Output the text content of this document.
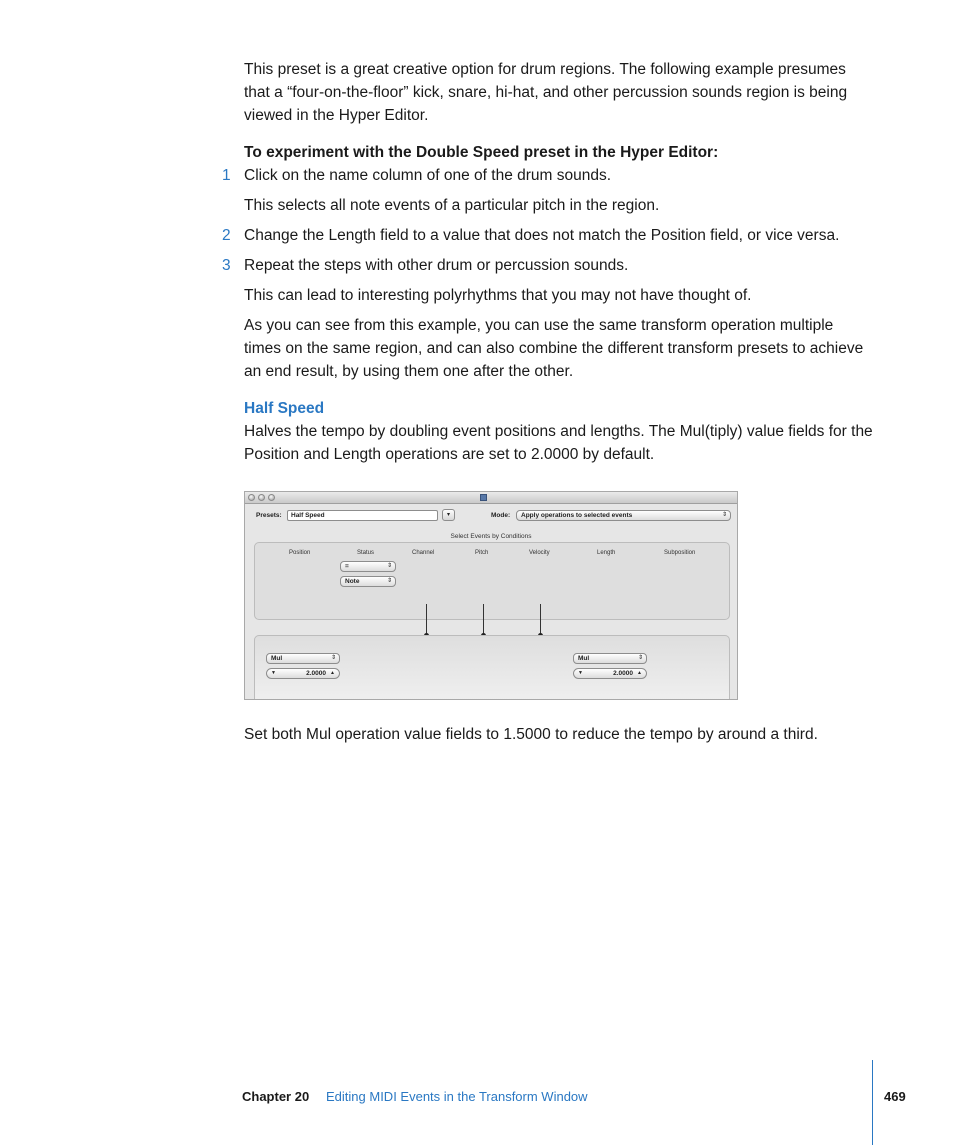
This preset is a great creative option for drum regions. The following example presumes that a “four-on-the-floor” kick, snare, hi-hat, and other percussion sounds region is being viewed in the Hyper Editor.

To experiment with the Double Speed preset in the Hyper Editor:

1 Click on the name column of one of the drum sounds.

This selects all note events of a particular pitch in the region.

2 Change the Length field to a value that does not match the Position field, or vice versa.

3 Repeat the steps with other drum or percussion sounds.

This can lead to interesting polyrhythms that you may not have thought of.

As you can see from this example, you can use the same transform operation multiple times on the same region, and can also combine the different transform presets to achieve an end result, by using them one after the other.

Half Speed

Halves the tempo by doubling event positions and lengths. The Mul(tiply) value fields for the Position and Length operations are set to 2.0000 by default.

Presets:	Half Speed	▾	Mode:	Apply operations to selected events	⇕
Select Events by Conditions
Position	Status	Channel	Pitch	Velocity	Length	Subposition
=	⇕
Note	⇕
Mul	⇕
▼	2.0000 ▲
Mul	⇕
▼	2.0000 ▲

Set both Mul operation value fields to 1.5000 to reduce the tempo by around a third.

Chapter 20 Editing MIDI Events in the Transform Window	469
